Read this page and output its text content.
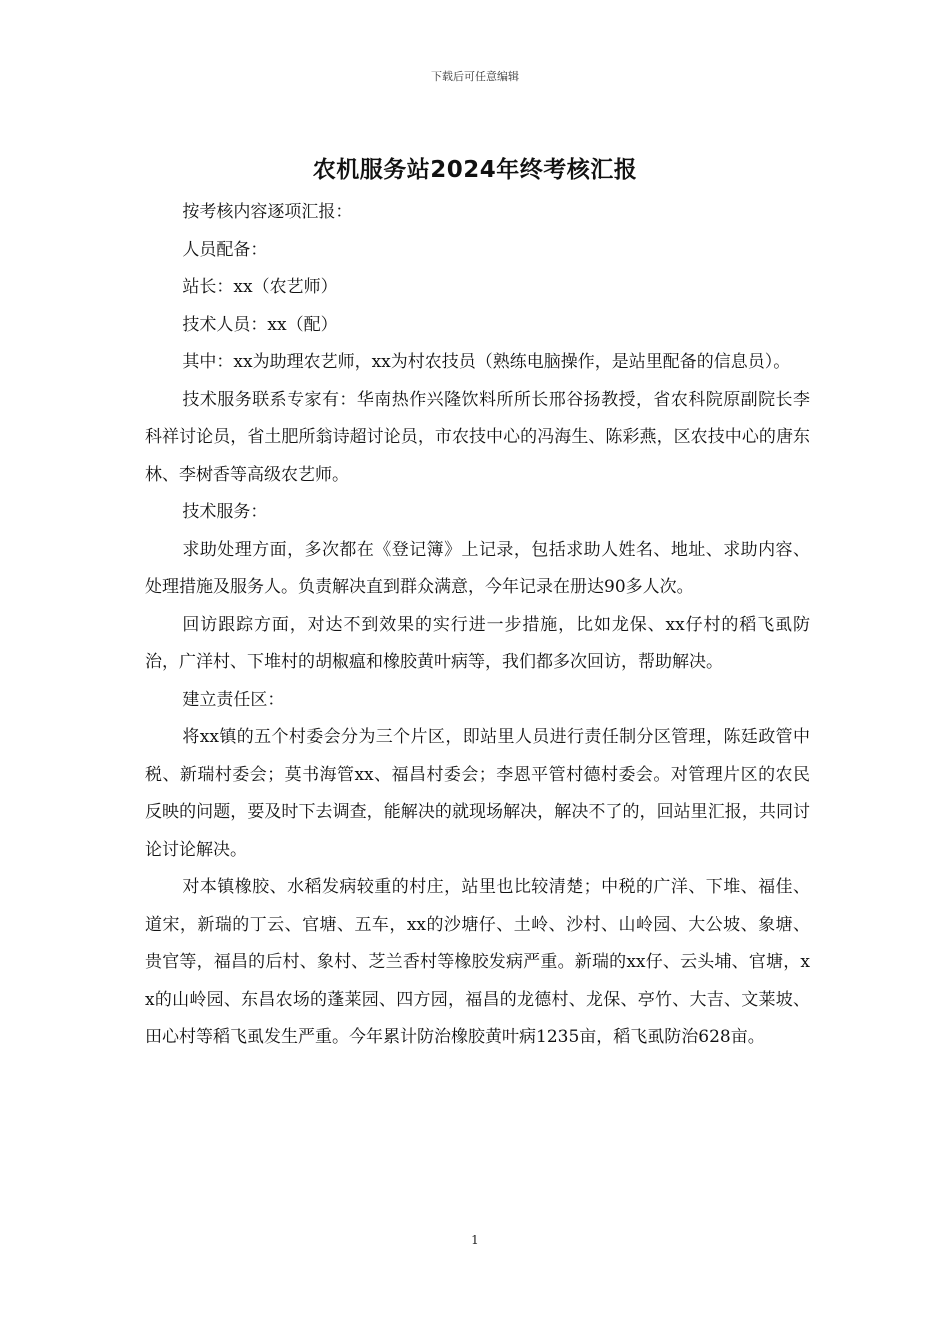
下载后可任意编辑
农机服务站2024年终考核汇报

按考核内容逐项汇报：

人员配备：

站长：xx（农艺师）

技术人员：xx（配）

其中：xx为助理农艺师，xx为村农技员（熟练电脑操作，是站里配备的信息员）。

技术服务联系专家有：华南热作兴隆饮料所所长邢谷扬教授，省农科院原副院长李科祥讨论员，省土肥所翁诗超讨论员，市农技中心的冯海生、陈彩燕，区农技中心的唐东林、李树香等高级农艺师。

技术服务：

求助处理方面，多次都在《登记簿》上记录，包括求助人姓名、地址、求助内容、处理措施及服务人。负责解决直到群众满意，今年记录在册达90多人次。

回访跟踪方面，对达不到效果的实行进一步措施，比如龙保、xx仔村的稻飞虱防治，广洋村、下堆村的胡椒瘟和橡胶黄叶病等，我们都多次回访，帮助解决。

建立责任区：

将xx镇的五个村委会分为三个片区，即站里人员进行责任制分区管理，陈廷政管中税、新瑞村委会；莫书海管xx、福昌村委会；李恩平管村德村委会。对管理片区的农民反映的问题，要及时下去调查，能解决的就现场解决，解决不了的，回站里汇报，共同讨论讨论解决。

对本镇橡胶、水稻发病较重的村庄，站里也比较清楚；中税的广洋、下堆、福佳、道宋，新瑞的丁云、官塘、五车，xx的沙塘仔、土岭、沙村、山岭园、大公坡、象塘、贵官等，福昌的后村、象村、芝兰香村等橡胶发病严重。新瑞的xx仔、云头埔、官塘，xx的山岭园、东昌农场的蓬莱园、四方园，福昌的龙德村、龙保、亭竹、大吉、文莱坡、田心村等稻飞虱发生严重。今年累计防治橡胶黄叶病1235亩，稻飞虱防治628亩。

1
